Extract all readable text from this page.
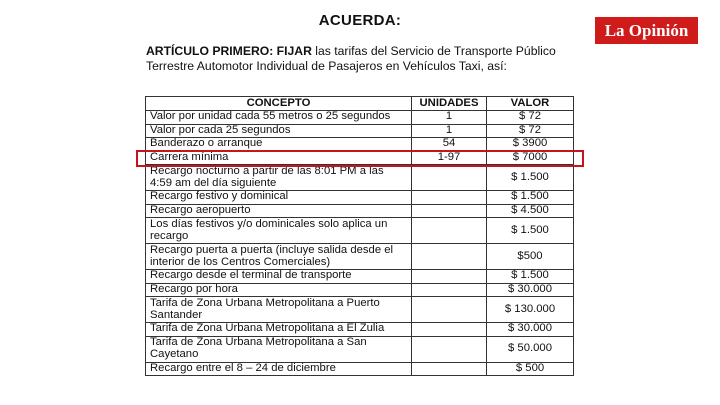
ACUERDA:
La Opinión
ARTÍCULO PRIMERO: FIJAR las tarifas del Servicio de Transporte Público Terrestre Automotor Individual de Pasajeros en Vehículos Taxi, así:
CONCEPTO	UNIDADES	VALOR
Valor por unidad cada 55 metros o 25 segundos	1	$ 72
Valor por cada 25 segundos	1	$ 72
Banderazo o arranque	54	$ 3900
Carrera mínima	1-97	$ 7000
Recargo nocturno a partir de las 8:01 PM a las 4:59 am del día siguiente		$ 1.500
Recargo festivo y dominical		$ 1.500
Recargo aeropuerto		$ 4.500
Los días festivos y/o dominicales solo aplica un recargo		$ 1.500
Recargo puerta a puerta (incluye salida desde el interior de los Centros Comerciales)		$500
Recargo desde el terminal de transporte		$ 1.500
Recargo por hora		$ 30.000
Tarifa de Zona Urbana Metropolitana a Puerto Santander		$ 130.000
Tarifa de Zona Urbana Metropolitana a El Zulia		$ 30.000
Tarifa de Zona Urbana Metropolitana a San Cayetano		$ 50.000
Recargo entre el 8 – 24 de diciembre		$ 500
